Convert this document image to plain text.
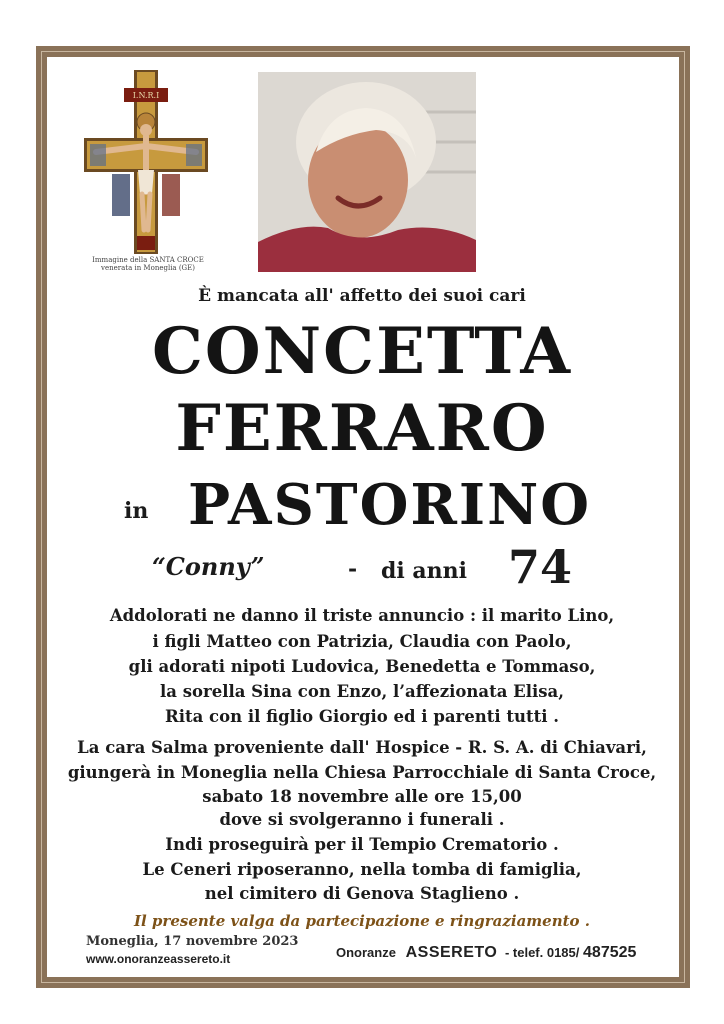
I.N.R.I
Immagine della SANTA CROCE
venerata in Moneglia (GE)
È mancata all' affetto dei suoi cari
CONCETTA
FERRARO
in PASTORINO
“Conny”	- di anni 74
Addolorati ne danno il triste annuncio : il marito Lino,
i figli Matteo con Patrizia, Claudia con Paolo,
gli adorati nipoti Ludovica, Benedetta e Tommaso,
la sorella Sina con Enzo, l’affezionata Elisa,
Rita con il figlio Giorgio ed i parenti tutti .
La cara Salma proveniente dall' Hospice - R. S. A. di Chiavari,
giungerà in Moneglia nella Chiesa Parrocchiale di Santa Croce,
sabato 18 novembre alle ore 15,00
dove si svolgeranno i funerali .
Indi proseguirà per il Tempio Crematorio .
Le Ceneri riposeranno, nella tomba di famiglia,
nel cimitero di Genova Staglieno .
Il presente valga da partecipazione e ringraziamento .
Moneglia, 17 novembre 2023
www.onoranzeassereto.it	Onoranze ASSERETO - telef. 0185/ 487525
